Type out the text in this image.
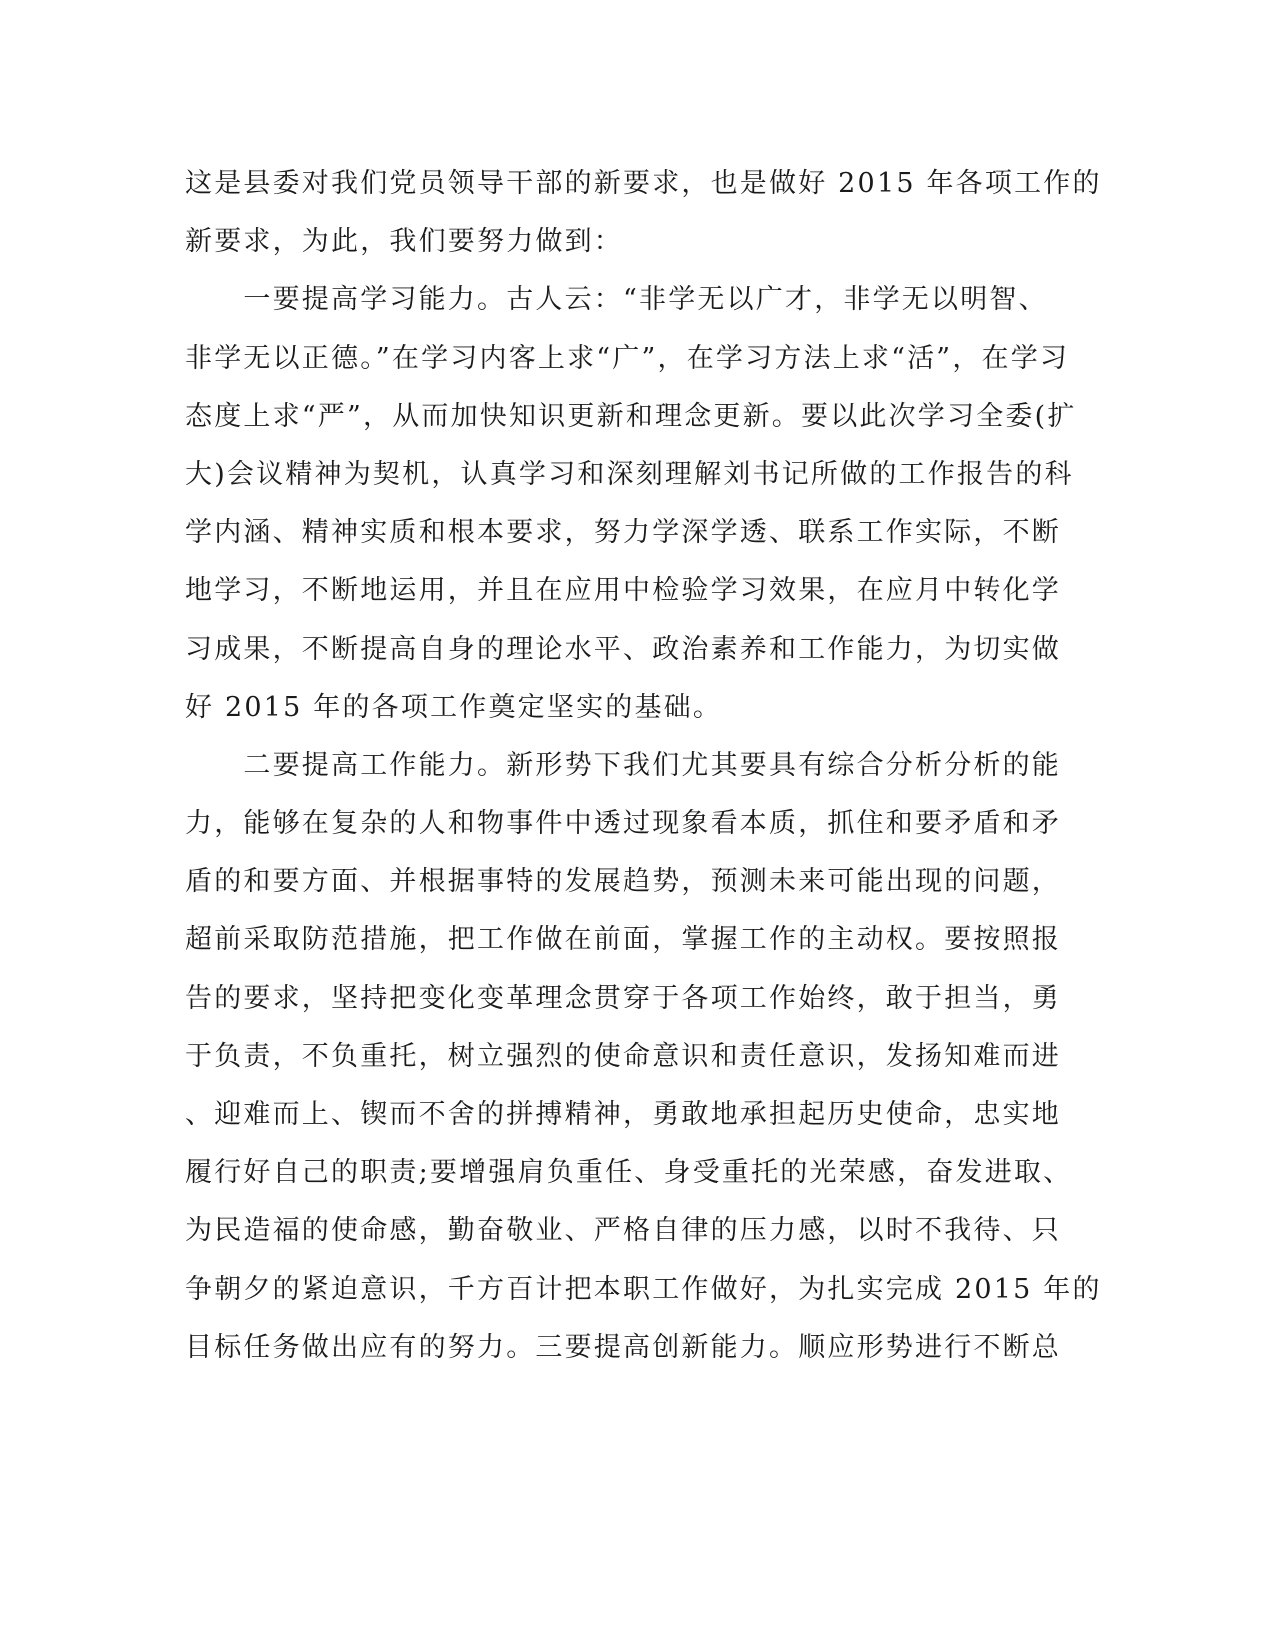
这是县委对我们党员领导干部的新要求，也是做好 2015 年各项工作的
新要求，为此，我们要努力做到：
　　一要提高学习能力。古人云：“非学无以广才，非学无以明智、
非学无以正德。”在学习内客上求“广”，在学习方法上求“活”，在学习
态度上求“严”，从而加快知识更新和理念更新。要以此次学习全委(扩
大)会议精神为契机，认真学习和深刻理解刘书记所做的工作报告的科
学内涵、精神实质和根本要求，努力学深学透、联系工作实际，不断
地学习，不断地运用，并且在应用中检验学习效果，在应月中转化学
习成果，不断提高自身的理论水平、政治素养和工作能力，为切实做
好 2015 年的各项工作奠定坚实的基础。
　　二要提高工作能力。新形势下我们尤其要具有综合分析分析的能
力，能够在复杂的人和物事件中透过现象看本质，抓住和要矛盾和矛
盾的和要方面、并根据事特的发展趋势，预测未来可能出现的问题，
超前采取防范措施，把工作做在前面，掌握工作的主动权。要按照报
告的要求，坚持把变化变革理念贯穿于各项工作始终，敢于担当，勇
于负责，不负重托，树立强烈的使命意识和责任意识，发扬知难而进
、迎难而上、锲而不舍的拼搏精神，勇敢地承担起历史使命，忠实地
履行好自己的职责;要增强肩负重任、身受重托的光荣感，奋发进取、
为民造福的使命感，勤奋敬业、严格自律的压力感，以时不我待、只
争朝夕的紧迫意识，千方百计把本职工作做好，为扎实完成 2015 年的
目标任务做出应有的努力。三要提高创新能力。顺应形势进行不断总
